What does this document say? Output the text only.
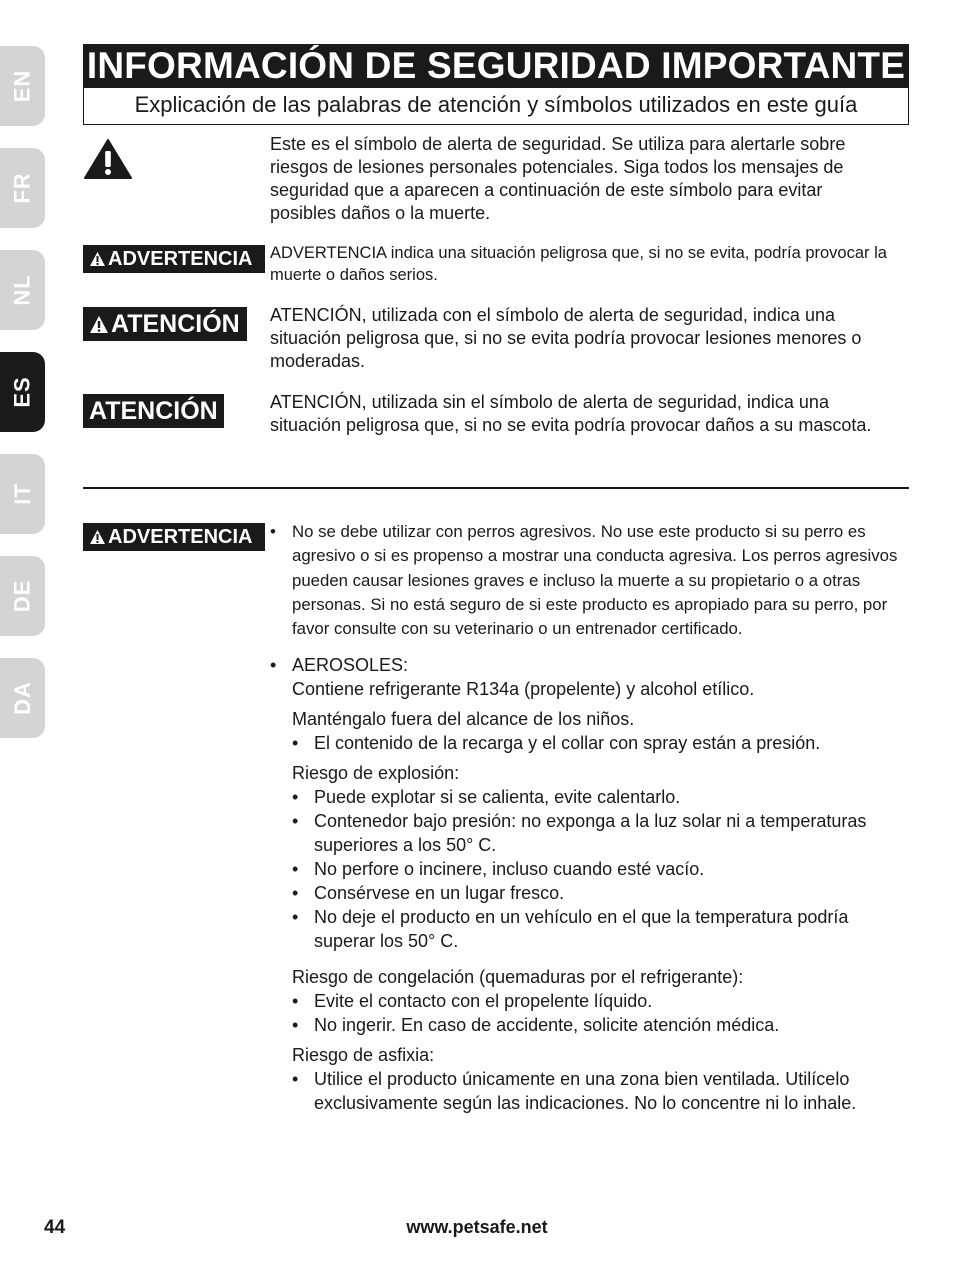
EN
FR
NL
ES
IT
DE
DA
INFORMACIÓN DE SEGURIDAD IMPORTANTE
Explicación de las palabras de atención y símbolos utilizados en este guía
Este es el símbolo de alerta de seguridad. Se utiliza para alertarle sobre riesgos de lesiones personales potenciales. Siga todos los mensajes de seguridad que a aparecen a continuación de este símbolo para evitar posibles daños o la muerte.
ADVERTENCIA ADVERTENCIA indica una situación peligrosa que, si no se evita, podría provocar la muerte o daños serios.
ATENCIÓN ATENCIÓN, utilizada con el símbolo de alerta de seguridad, indica una situación peligrosa que, si no se evita podría provocar lesiones menores o moderadas.
ATENCIÓN	ATENCIÓN, utilizada sin el símbolo de alerta de seguridad, indica una situación peligrosa que, si no se evita podría provocar daños a su mascota.
ADVERTENCIA • No se debe utilizar con perros agresivos. No use este producto si su perro es agresivo o si es propenso a mostrar una conducta agresiva. Los perros agresivos pueden causar lesiones graves e incluso la muerte a su propietario o a otras personas. Si no está seguro de si este producto es apropiado para su perro, por favor consulte con su veterinario o un entrenador certificado.
• AEROSOLES:
Contiene refrigerante R134a (propelente) y alcohol etílico.
Manténgalo fuera del alcance de los niños.
• El contenido de la recarga y el collar con spray están a presión.
Riesgo de explosión:
• Puede explotar si se calienta, evite calentarlo.
• Contenedor bajo presión: no exponga a la luz solar ni a temperaturas superiores a los 50° C.
• No perfore o incinere, incluso cuando esté vacío.
• Consérvese en un lugar fresco.
• No deje el producto en un vehículo en el que la temperatura podría superar los 50° C.
Riesgo de congelación (quemaduras por el refrigerante):
• Evite el contacto con el propelente líquido.
• No ingerir. En caso de accidente, solicite atención médica.
Riesgo de asfixia:
• Utilice el producto únicamente en una zona bien ventilada. Utilícelo exclusivamente según las indicaciones. No lo concentre ni lo inhale.
www.petsafe.net
44
